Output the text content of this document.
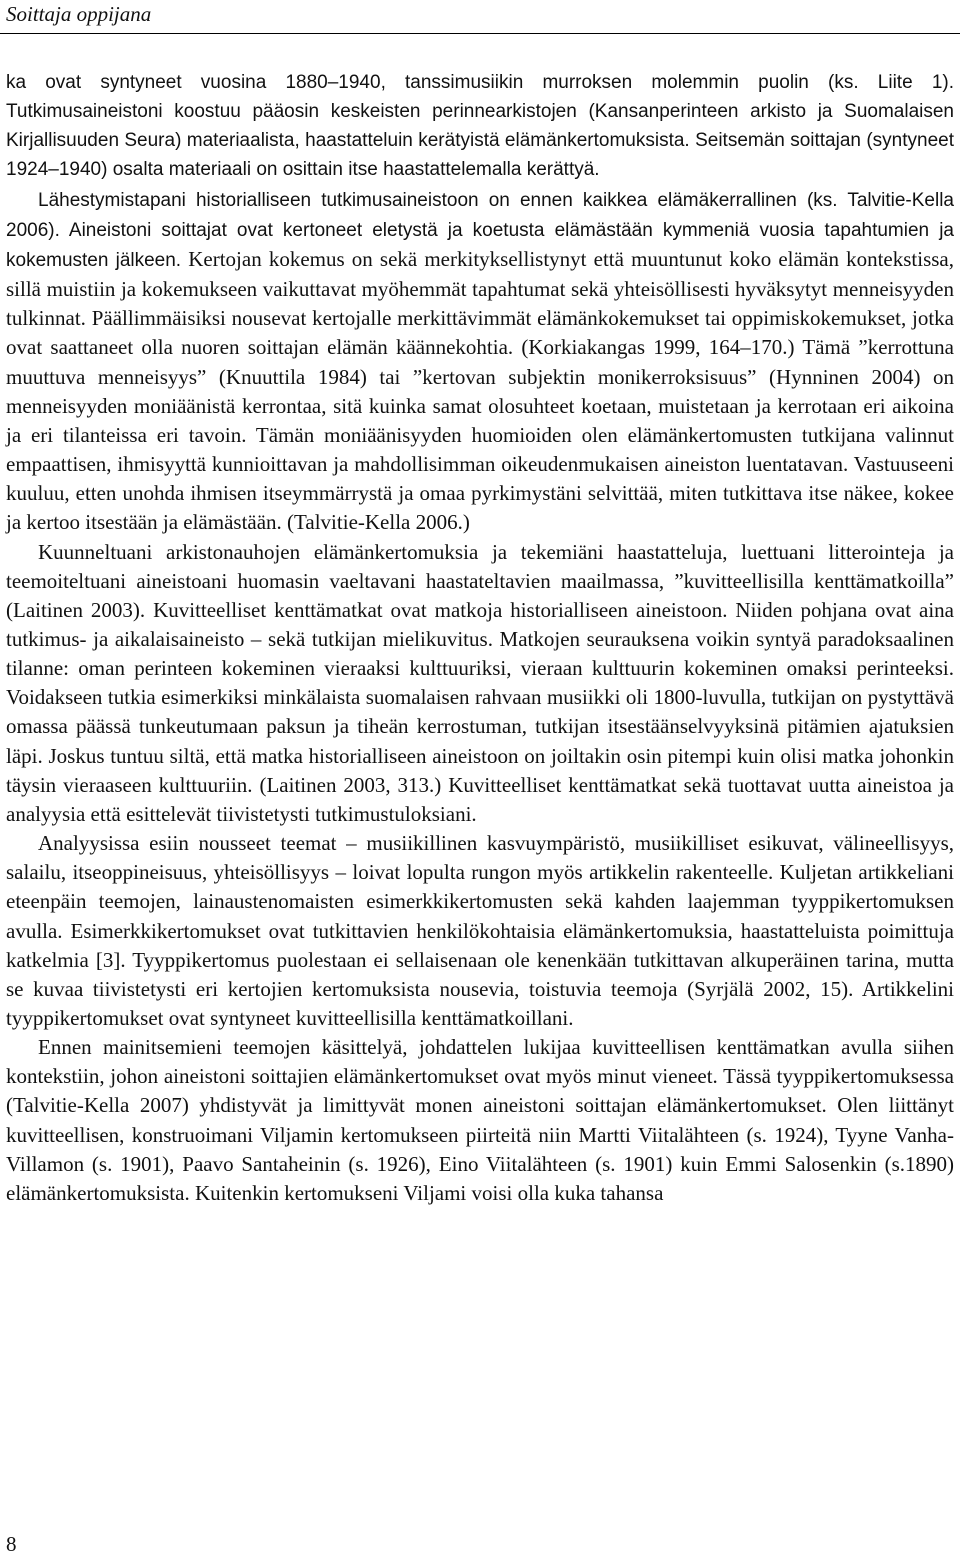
Soittaja oppijana

ka ovat syntyneet vuosina 1880–1940, tanssimusiikin murroksen molemmin puolin (ks. Liite 1). Tutkimusaineistoni koostuu pääosin keskeisten perinnearkistojen (Kansanperinteen arkisto ja Suomalaisen Kirjallisuuden Seura) materiaalista, haastatteluin kerätyistä elämänkertomuksista. Seitsemän soittajan (syntyneet 1924–1940) osalta materiaali on osittain itse haastattelemalla kerättyä.

Lähestymistapani historialliseen tutkimusaineistoon on ennen kaikkea elämäkerrallinen (ks. Talvitie-Kella 2006). Aineistoni soittajat ovat kertoneet eletystä ja koetusta elämästään kymmeniä vuosia tapahtumien ja kokemusten jälkeen. Kertojan kokemus on sekä merkityksellistynyt että muuntunut koko elämän kontekstissa, sillä muistiin ja kokemukseen vaikuttavat myöhemmät tapahtumat sekä yhteisöllisesti hyväksytyt menneisyyden tulkinnat. Päällimmäisiksi nousevat kertojalle merkittävimmät elämänkokemukset tai oppimiskokemukset, jotka ovat saattaneet olla nuoren soittajan elämän käännekohtia. (Korkiakangas 1999, 164–170.) Tämä ”kerrottuna muuttuva menneisyys” (Knuuttila 1984) tai ”kertovan subjektin monikerroksisuus” (Hynninen 2004) on menneisyyden moniäänistä kerrontaa, sitä kuinka samat olosuhteet koetaan, muistetaan ja kerrotaan eri aikoina ja eri tilanteissa eri tavoin. Tämän moniäänisyyden huomioiden olen elämänkertomusten tutkijana valinnut empaattisen, ihmisyyttä kunnioittavan ja mahdollisimman oikeudenmukaisen aineiston luentatavan. Vastuuseeni kuuluu, etten unohda ihmisen itseymmärrystä ja omaa pyrkimystäni selvittää, miten tutkittava itse näkee, kokee ja kertoo itsestään ja elämästään. (Talvitie-Kella 2006.)

Kuunneltuani arkistonauhojen elämänkertomuksia ja tekemiäni haastatteluja, luettuani litterointeja ja teemoiteltuani aineistoani huomasin vaeltavani haastateltavien maailmassa, ”kuvitteellisilla kenttämatkoilla” (Laitinen 2003). Kuvitteelliset kenttämatkat ovat matkoja historialliseen aineistoon. Niiden pohjana ovat aina tutkimus- ja aikalaisaineisto – sekä tutkijan mielikuvitus. Matkojen seurauksena voikin syntyä paradoksaalinen tilanne: oman perinteen kokeminen vieraaksi kulttuuriksi, vieraan kulttuurin kokeminen omaksi perinteeksi. Voidakseen tutkia esimerkiksi minkälaista suomalaisen rahvaan musiikki oli 1800-luvulla, tutkijan on pystyttävä omassa päässä tunkeutumaan paksun ja tiheän kerrostuman, tutkijan itsestäänselvyyksinä pitämien ajatuksien läpi. Joskus tuntuu siltä, että matka historialliseen aineistoon on joiltakin osin pitempi kuin olisi matka johonkin täysin vieraaseen kulttuuriin. (Laitinen 2003, 313.) Kuvitteelliset kenttämatkat sekä tuottavat uutta aineistoa ja analyysia että esittelevät tiivistetysti tutkimustuloksiani.

Analyysissa esiin nousseet teemat – musiikillinen kasvuympäristö, musiikilliset esikuvat, välineellisyys, salailu, itseoppineisuus, yhteisöllisyys – loivat lopulta rungon myös artikkelin rakenteelle. Kuljetan artikkeliani eteenpäin teemojen, lainaustenomaisten esimerkkikertomusten sekä kahden laajemman tyyppikertomuksen avulla. Esimerkkikertomukset ovat tutkittavien henkilökohtaisia elämänkertomuksia, haastatteluista poimittuja katkelmia [3]. Tyyppikertomus puolestaan ei sellaisenaan ole kenenkään tutkittavan alkuperäinen tarina, mutta se kuvaa tiivistetysti eri kertojien kertomuksista nousevia, toistuvia teemoja (Syrjälä 2002, 15). Artikkelini tyyppikertomukset ovat syntyneet kuvitteellisilla kenttämatkoillani.

Ennen mainitsemieni teemojen käsittelyä, johdattelen lukijaa kuvitteellisen kenttämatkan avulla siihen kontekstiin, johon aineistoni soittajien elämänkertomukset ovat myös minut vieneet. Tässä tyyppikertomuksessa (Talvitie-Kella 2007) yhdistyvät ja limittyvät monen aineistoni soittajan elämänkertomukset. Olen liittänyt kuvitteellisen, konstruoimani Viljamin kertomukseen piirteitä niin Martti Viitalähteen (s. 1924), Tyyne Vanha-Villamon (s. 1901), Paavo Santaheinin (s. 1926), Eino Viitalähteen (s. 1901) kuin Emmi Salosenkin (s.1890) elämänkertomuksista. Kuitenkin kertomukseni Viljami voisi olla kuka tahansa

8
